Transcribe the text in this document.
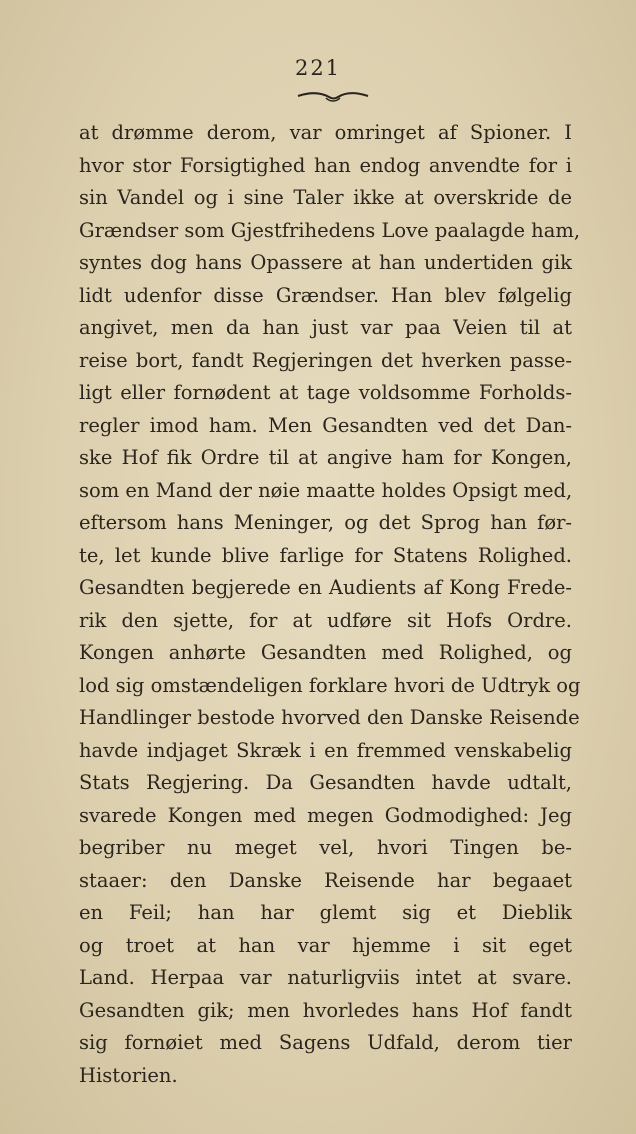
221
at drømme derom, var omringet af Spioner. I
hvor stor Forsigtighed han endog anvendte for i
sin Vandel og i sine Taler ikke at overskride de
Grændser som Gjestfrihedens Love paalagde ham,
syntes dog hans Opassere at han undertiden gik
lidt udenfor disse Grændser. Han blev følgelig
angivet, men da han just var paa Veien til at
reise bort, fandt Regjeringen det hverken passe-
ligt eller fornødent at tage voldsomme Forholds-
regler imod ham. Men Gesandten ved det Dan-
ske Hof fik Ordre til at angive ham for Kongen,
som en Mand der nøie maatte holdes Opsigt med,
eftersom hans Meninger, og det Sprog han før-
te, let kunde blive farlige for Statens Rolighed.
Gesandten begjerede en Audients af Kong Frede-
rik den sjette, for at udføre sit Hofs Ordre.
Kongen anhørte Gesandten med Rolighed, og
lod sig omstændeligen forklare hvori de Udtryk og
Handlinger bestode hvorved den Danske Reisende
havde indjaget Skræk i en fremmed venskabelig
Stats Regjering. Da Gesandten havde udtalt,
svarede Kongen med megen Godmodighed: Jeg
begriber nu meget vel, hvori Tingen be-
staaer: den Danske Reisende har begaaet
en Feil; han har glemt sig et Dieblik
og troet at han var hjemme i sit eget
Land. Herpaa var naturligviis intet at svare.
Gesandten gik; men hvorledes hans Hof fandt
sig fornøiet med Sagens Udfald, derom tier
Historien.
